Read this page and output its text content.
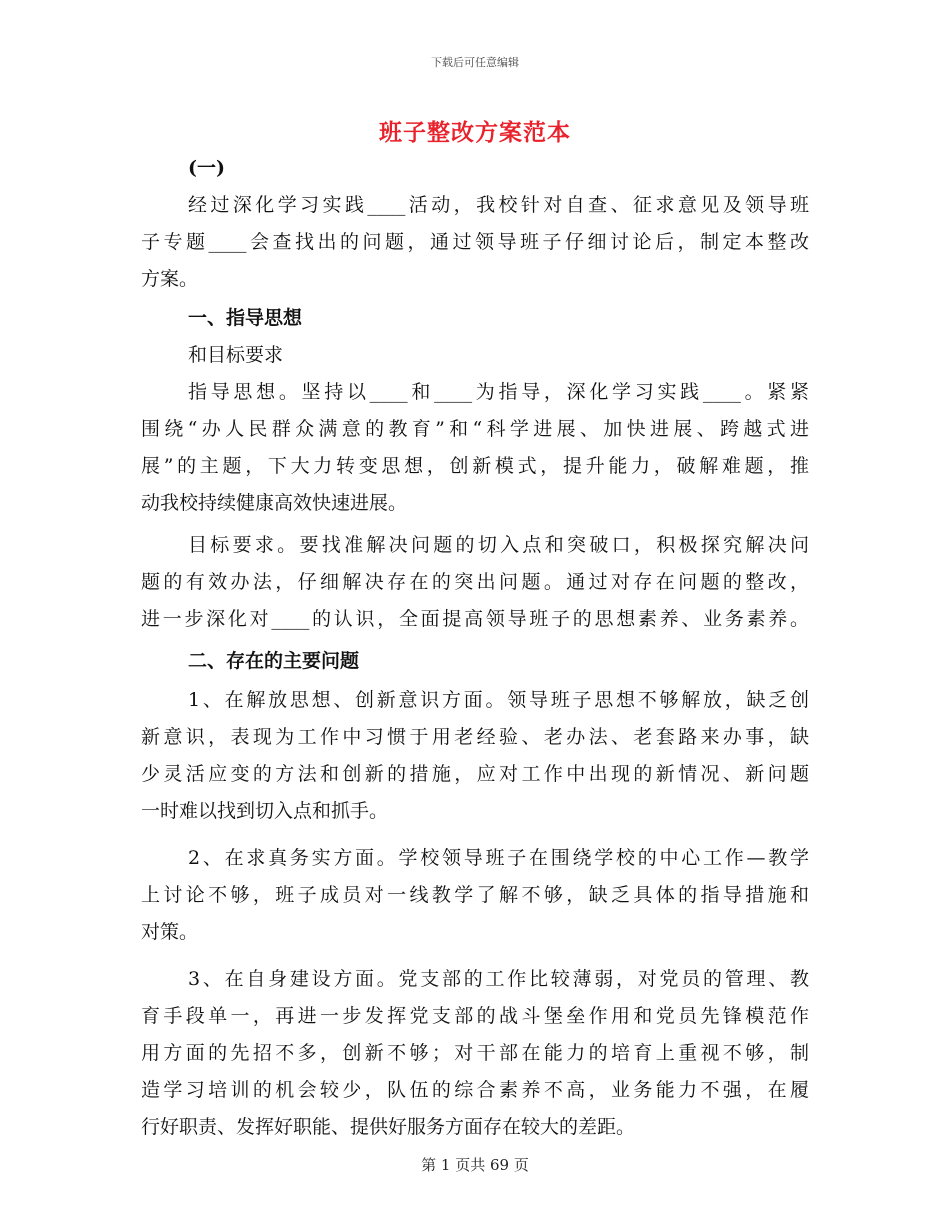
下载后可任意编辑
班子整改方案范本
(一)
经过深化学习实践____活动，我校针对自查、征求意见及领导班
子专题____会查找出的问题，通过领导班子仔细讨论后，制定本整改
方案。
一、指导思想
和目标要求
指导思想。坚持以____和____为指导，深化学习实践____。紧紧
围绕“办人民群众满意的教育”和“科学进展、加快进展、跨越式进
展”的主题，下大力转变思想，创新模式，提升能力，破解难题，推
动我校持续健康高效快速进展。
目标要求。要找准解决问题的切入点和突破口，积极探究解决问
题的有效办法，仔细解决存在的突出问题。通过对存在问题的整改，
进一步深化对____的认识，全面提高领导班子的思想素养、业务素养。
二、存在的主要问题
1、在解放思想、创新意识方面。领导班子思想不够解放，缺乏创
新意识，表现为工作中习惯于用老经验、老办法、老套路来办事，缺
少灵活应变的方法和创新的措施，应对工作中出现的新情况、新问题
一时难以找到切入点和抓手。
2、在求真务实方面。学校领导班子在围绕学校的中心工作—教学
上讨论不够，班子成员对一线教学了解不够，缺乏具体的指导措施和
对策。
3、在自身建设方面。党支部的工作比较薄弱，对党员的管理、教
育手段单一，再进一步发挥党支部的战斗堡垒作用和党员先锋模范作
用方面的先招不多，创新不够；对干部在能力的培育上重视不够，制
造学习培训的机会较少，队伍的综合素养不高，业务能力不强，在履
行好职责、发挥好职能、提供好服务方面存在较大的差距。
第 1 页共 69 页
